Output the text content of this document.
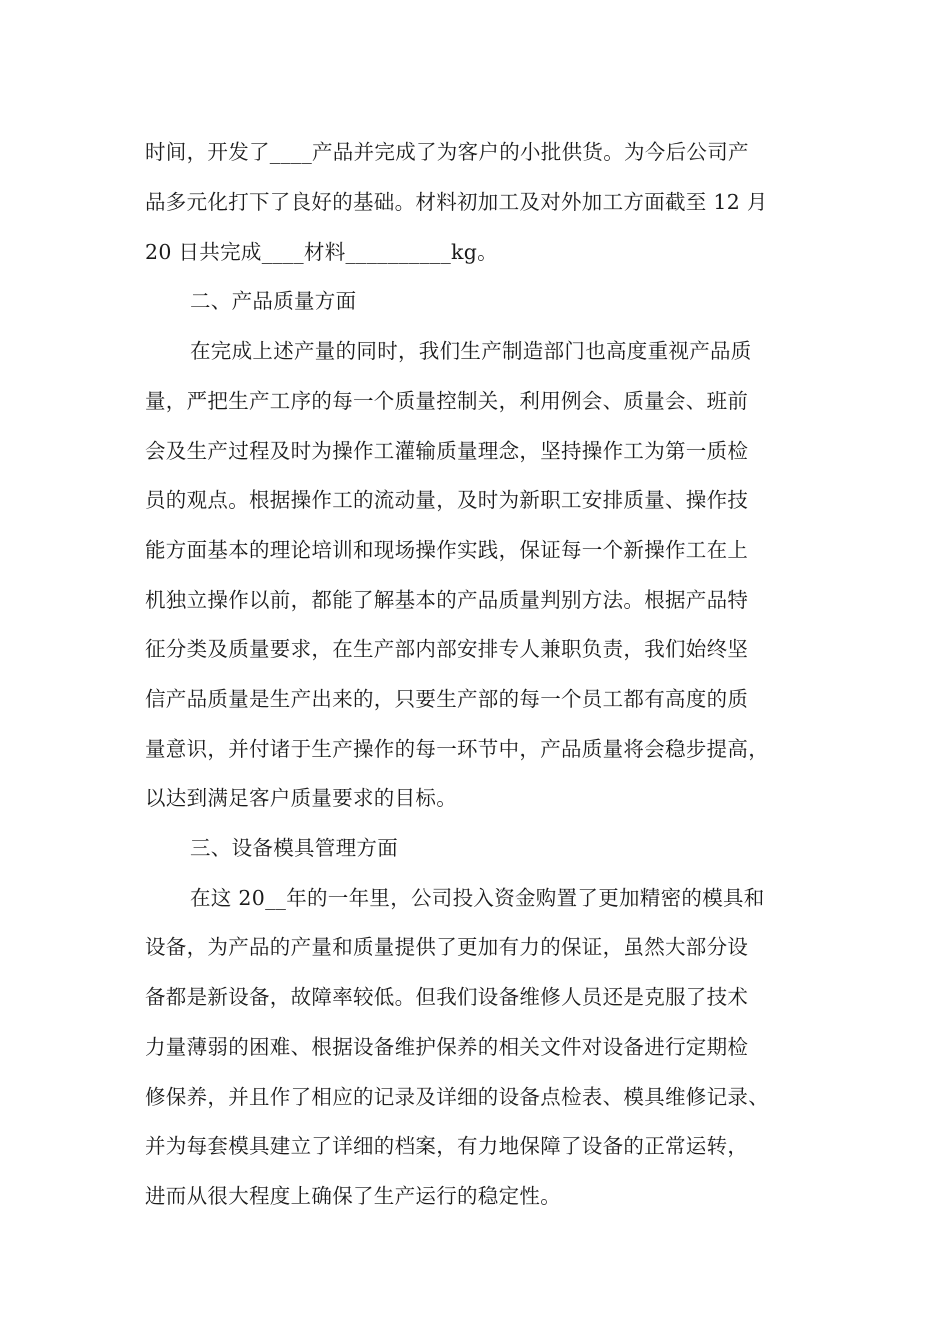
时间，开发了____产品并完成了为客户的小批供货。为今后公司产
品多元化打下了良好的基础。材料初加工及对外加工方面截至 12 月
20 日共完成____材料__________kg。
二、产品质量方面
在完成上述产量的同时，我们生产制造部门也高度重视产品质
量，严把生产工序的每一个质量控制关，利用例会、质量会、班前
会及生产过程及时为操作工灌输质量理念，坚持操作工为第一质检
员的观点。根据操作工的流动量，及时为新职工安排质量、操作技
能方面基本的理论培训和现场操作实践，保证每一个新操作工在上
机独立操作以前，都能了解基本的产品质量判别方法。根据产品特
征分类及质量要求，在生产部内部安排专人兼职负责，我们始终坚
信产品质量是生产出来的，只要生产部的每一个员工都有高度的质
量意识，并付诸于生产操作的每一环节中，产品质量将会稳步提高，
以达到满足客户质量要求的目标。
三、设备模具管理方面
在这 20__年的一年里，公司投入资金购置了更加精密的模具和
设备，为产品的产量和质量提供了更加有力的保证，虽然大部分设
备都是新设备，故障率较低。但我们设备维修人员还是克服了技术
力量薄弱的困难、根据设备维护保养的相关文件对设备进行定期检
修保养，并且作了相应的记录及详细的设备点检表、模具维修记录、
并为每套模具建立了详细的档案，有力地保障了设备的正常运转，
进而从很大程度上确保了生产运行的稳定性。
